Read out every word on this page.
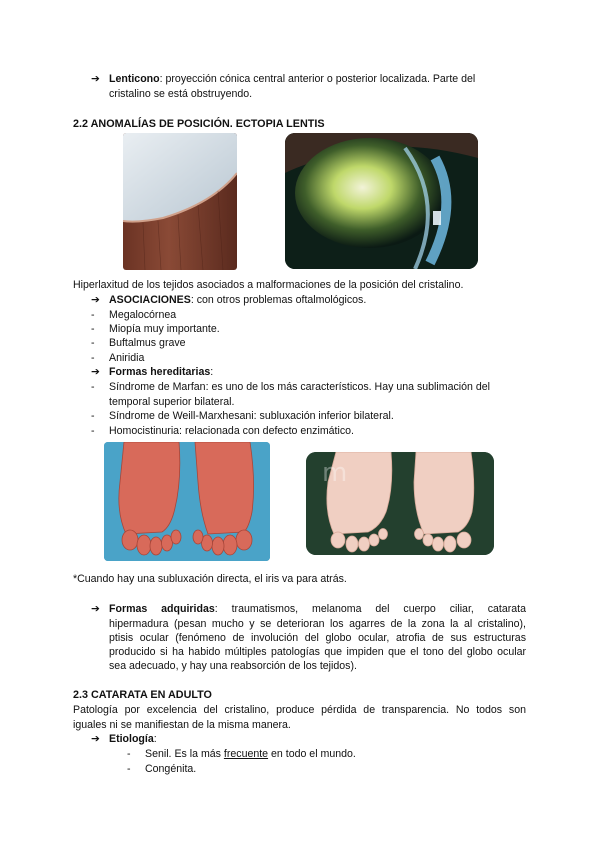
➔ Lenticono: proyección cónica central anterior o posterior localizada. Parte del
cristalino se está obstruyendo.
2.2 ANOMALÍAS DE POSICIÓN. ECTOPIA LENTIS
Hiperlaxitud de los tejidos asociados a malformaciones de la posición del cristalino.
➔ ASOCIACIONES: con otros problemas oftalmológicos.
- Megalocórnea
- Miopía muy importante.
- Buftalmus grave
- Aniridia
➔ Formas hereditarias:
- Síndrome de Marfan: es uno de los más característicos. Hay una sublimación del
temporal superior bilateral.
- Síndrome de Weill-Marxhesani: subluxación inferior bilateral.
- Homocistinuria: relacionada con defecto enzimático.
m
*Cuando hay una subluxación directa, el iris va para atrás.
➔ Formas adquiridas: traumatismos, melanoma del cuerpo ciliar, catarata
hipermadura (pesan mucho y se deterioran los agarres de la zona la al cristalino),
ptisis ocular (fenómeno de involución del globo ocular, atrofia de sus estructuras
producido si ha habido múltiples patologías que impiden que el tono del globo ocular
sea adecuado, y hay una reabsorción de los tejidos).
2.3 CATARATA EN ADULTO
Patología por excelencia del cristalino, produce pérdida de transparencia. No todos son
iguales ni se manifiestan de la misma manera.
➔ Etiología:
- Senil. Es la más frecuente en todo el mundo.
- Congénita.
